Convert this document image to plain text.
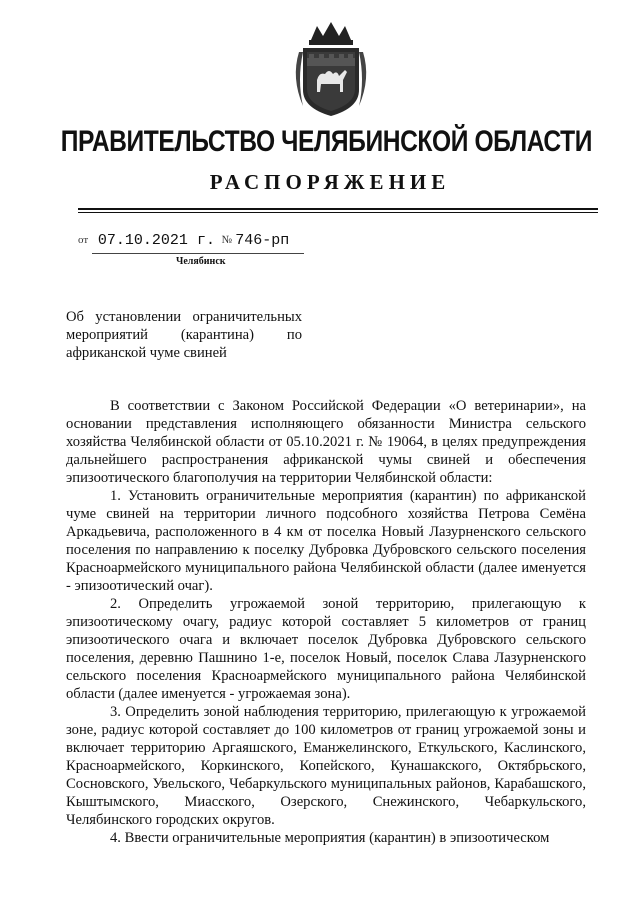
ПРАВИТЕЛЬСТВО ЧЕЛЯБИНСКОЙ ОБЛАСТИ
РАСПОРЯЖЕНИЕ
от 07.10.2021 г. № 746-рп
Челябинск
Об установлении ограничительных мероприятий (карантина) по африканской чуме свиней

В соответствии с Законом Российской Федерации «О ветеринарии», на основании представления исполняющего обязанности Министра сельского хозяйства Челябинской области от 05.10.2021 г. № 19064, в целях предупреждения дальнейшего распространения африканской чумы свиней и обеспечения эпизоотического благополучия на территории Челябинской области:

1. Установить ограничительные мероприятия (карантин) по африканской чуме свиней на территории личного подсобного хозяйства Петрова Семёна Аркадьевича, расположенного в 4 км от поселка Новый Лазурненского сельского поселения по направлению к поселку Дубровка Дубровского сельского поселения Красноармейского муниципального района Челябинской области (далее именуется - эпизоотический очаг).

2. Определить угрожаемой зоной территорию, прилегающую к эпизоотическому очагу, радиус которой составляет 5 километров от границ эпизоотического очага и включает поселок Дубровка Дубровского сельского поселения, деревню Пашнино 1-е, поселок Новый, поселок Слава Лазурненского сельского поселения Красноармейского муниципального района Челябинской области (далее именуется - угрожаемая зона).

3. Определить зоной наблюдения территорию, прилегающую к угрожаемой зоне, радиус которой составляет до 100 километров от границ угрожаемой зоны и включает территорию Аргаяшского, Еманжелинского, Еткульского, Каслинского, Красноармейского, Коркинского, Копейского, Кунашакского, Октябрьского, Сосновского, Увельского, Чебаркульского муниципальных районов, Карабашского, Кыштымского, Миасского, Озерского, Снежинского, Чебаркульского, Челябинского городских округов.

4. Ввести ограничительные мероприятия (карантин) в эпизоотическом
